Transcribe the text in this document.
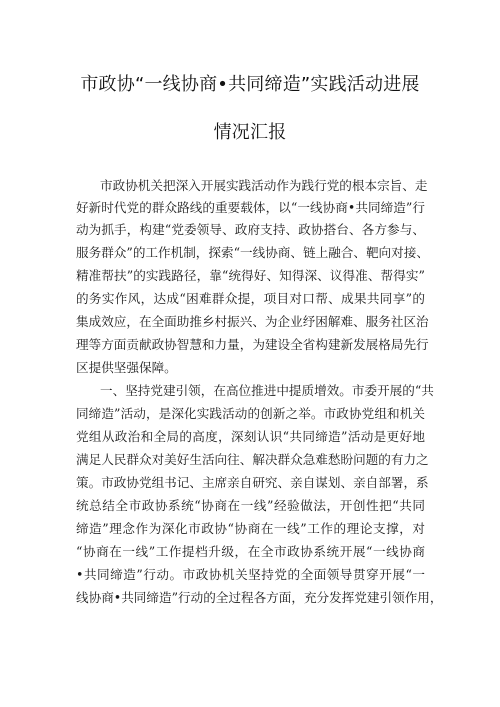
市政协“一线协商•共同缔造”实践活动进展
情况汇报
市政协机关把深入开展实践活动作为践行党的根本宗旨、走
好新时代党的群众路线的重要载体，以“一线协商•共同缔造”行
动为抓手，构建“党委领导、政府支持、政协搭台、各方参与、
服务群众”的工作机制，探索“一线协商、链上融合、靶向对接、
精准帮扶”的实践路径，靠“统得好、知得深、议得准、帮得实”
的务实作风，达成“困难群众提，项目对口帮、成果共同享”的
集成效应，在全面助推乡村振兴、为企业纾困解难、服务社区治
理等方面贡献政协智慧和力量，为建设全省构建新发展格局先行
区提供坚强保障。
一、坚持党建引领，在高位推进中提质增效。市委开展的“共
同缔造”活动，是深化实践活动的创新之举。市政协党组和机关
党组从政治和全局的高度，深刻认识“共同缔造”活动是更好地
满足人民群众对美好生活向往、解决群众急难愁盼问题的有力之
策。市政协党组书记、主席亲自研究、亲自谋划、亲自部署，系
统总结全市政协系统“协商在一线”经验做法，开创性把“共同
缔造”理念作为深化市政协“协商在一线”工作的理论支撑，对
“协商在一线”工作提档升级，在全市政协系统开展“一线协商
•共同缔造”行动。市政协机关坚持党的全面领导贯穿开展“一
线协商•共同缔造”行动的全过程各方面，充分发挥党建引领作用，
